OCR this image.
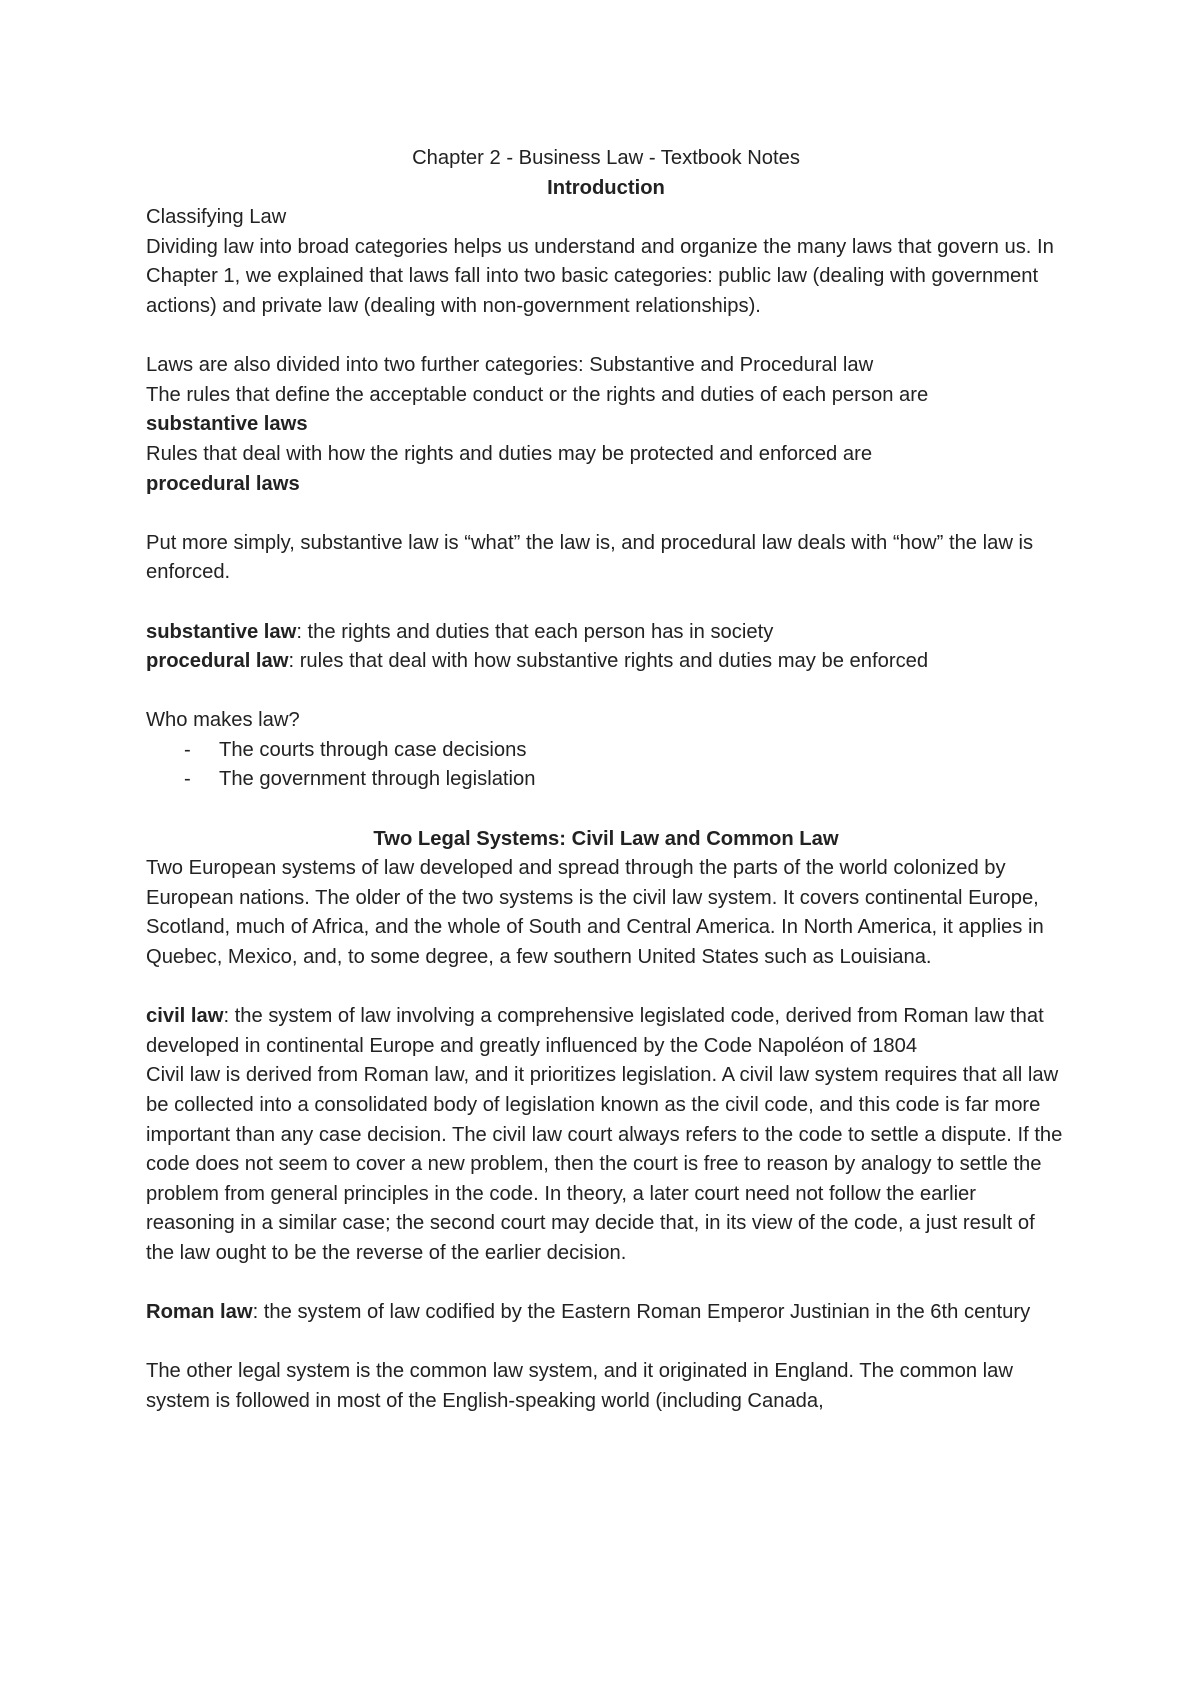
Chapter 2 - Business Law - Textbook Notes

Introduction

Classifying Law

Dividing law into broad categories helps us understand and organize the many laws that govern us. In Chapter 1, we explained that laws fall into two basic categories: public law (dealing with government actions) and private law (dealing with non-government relationships).

Laws are also divided into two further categories: Substantive and Procedural law

The rules that define the acceptable conduct or the rights and duties of each person are

substantive laws

Rules that deal with how the rights and duties may be protected and enforced are

procedural laws

Put more simply, substantive law is “what” the law is, and procedural law deals with “how” the law is enforced.

substantive law: the rights and duties that each person has in society

procedural law: rules that deal with how substantive rights and duties may be enforced

Who makes law?

- The courts through case decisions
- The government through legislation

Two Legal Systems: Civil Law and Common Law

Two European systems of law developed and spread through the parts of the world colonized by European nations. The older of the two systems is the civil law system. It covers continental Europe, Scotland, much of Africa, and the whole of South and Central America. In North America, it applies in Quebec, Mexico, and, to some degree, a few southern United States such as Louisiana.

civil law: the system of law involving a comprehensive legislated code, derived from Roman law that developed in continental Europe and greatly influenced by the Code Napoléon of 1804

Civil law is derived from Roman law, and it prioritizes legislation. A civil law system requires that all law be collected into a consolidated body of legislation known as the civil code, and this code is far more important than any case decision. The civil law court always refers to the code to settle a dispute. If the code does not seem to cover a new problem, then the court is free to reason by analogy to settle the problem from general principles in the code. In theory, a later court need not follow the earlier reasoning in a similar case; the second court may decide that, in its view of the code, a just result of the law ought to be the reverse of the earlier decision.

Roman law: the system of law codified by the Eastern Roman Emperor Justinian in the 6th century

The other legal system is the common law system, and it originated in England. The common law system is followed in most of the English-speaking world (including Canada,
